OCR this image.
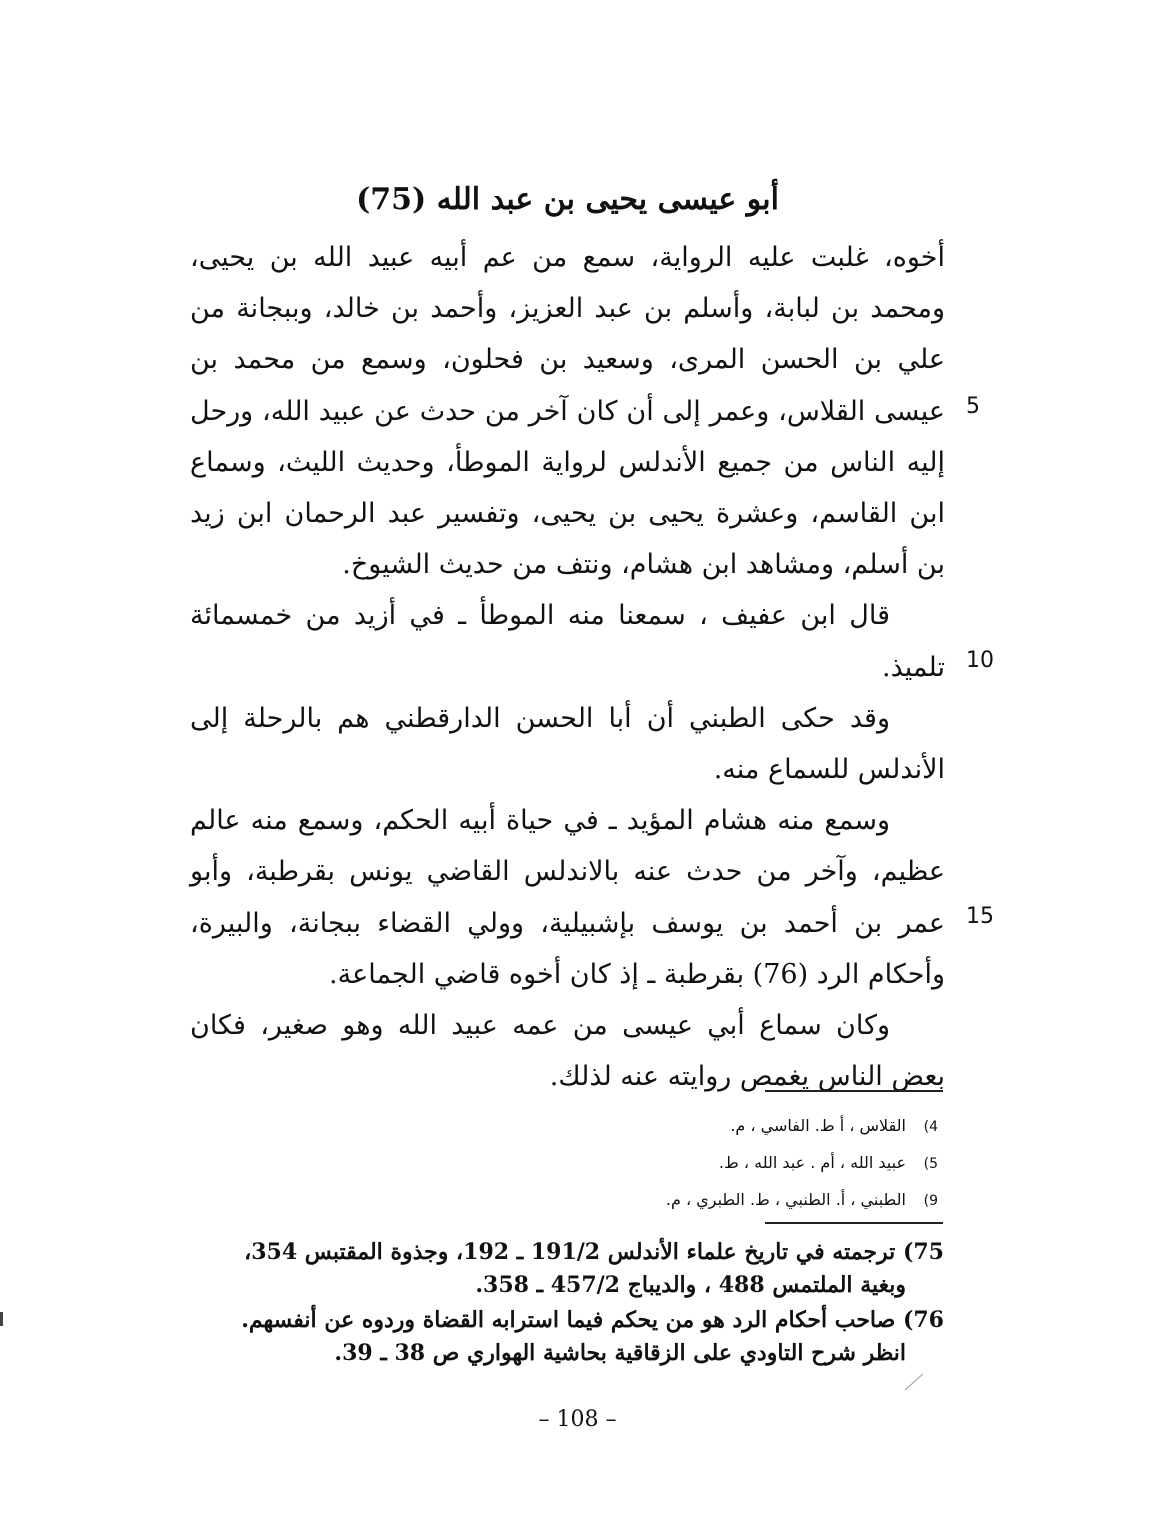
أبو عيسى يحيى بن عبد الله (75)

أخوه، غلبت عليه الرواية، سمع من عم أبيه عبيد الله بن يحيى، ومحمد بن لبابة، وأسلم بن عبد العزيز، وأحمد بن خالد، وببجانة من علي بن الحسن المرى، وسعيد بن فحلون، وسمع من محمد بن عيسى القلاس، وعمر إلى أن كان آخر من حدث عن عبيد الله، ورحل إليه الناس من جميع الأندلس لرواية الموطأ، وحديث الليث، وسماع ابن القاسم، وعشرة يحيى بن يحيى، وتفسير عبد الرحمان ابن زيد بن أسلم، ومشاهد ابن هشام، ونتف من حديث الشيوخ.

قال ابن عفيف ، سمعنا منه الموطأ ـ في أزيد من خمسمائة تلميذ.

وقد حكى الطبني أن أبا الحسن الدارقطني هم بالرحلة إلى الأندلس للسماع منه.

وسمع منه هشام المؤيد ـ في حياة أبيه الحكم، وسمع منه عالم عظيم، وآخر من حدث عنه بالاندلس القاضي يونس بقرطبة، وأبو عمر بن أحمد بن يوسف بإشبيلية، وولي القضاء ببجانة، والبيرة، وأحكام الرد (76) بقرطبة ـ إذ كان أخوه قاضي الجماعة.

وكان سماع أبي عيسى من عمه عبيد الله وهو صغير، فكان بعض الناس يغمص روايته عنه لذلك.

5
10
15
4)
القلاس ، أ ط. الفاسي ، م.
5)
عبيد الله ، أم . عبد الله ، ط.
9)
الطبني ، أ. الطنبي ، ط. الطبري ، م.

75) ترجمته في تاريخ علماء الأندلس 191/2 ـ 192، وجذوة المقتبس 354، وبغية الملتمس 488 ، والديباج 457/2 ـ 358.

76) صاحب أحكام الرد هو من يحكم فيما استرابه القضاة وردوه عن أنفسهم. انظر شرح التاودي على الزقاقية بحاشية الهواري ص 38 ـ 39.

– 108 –
